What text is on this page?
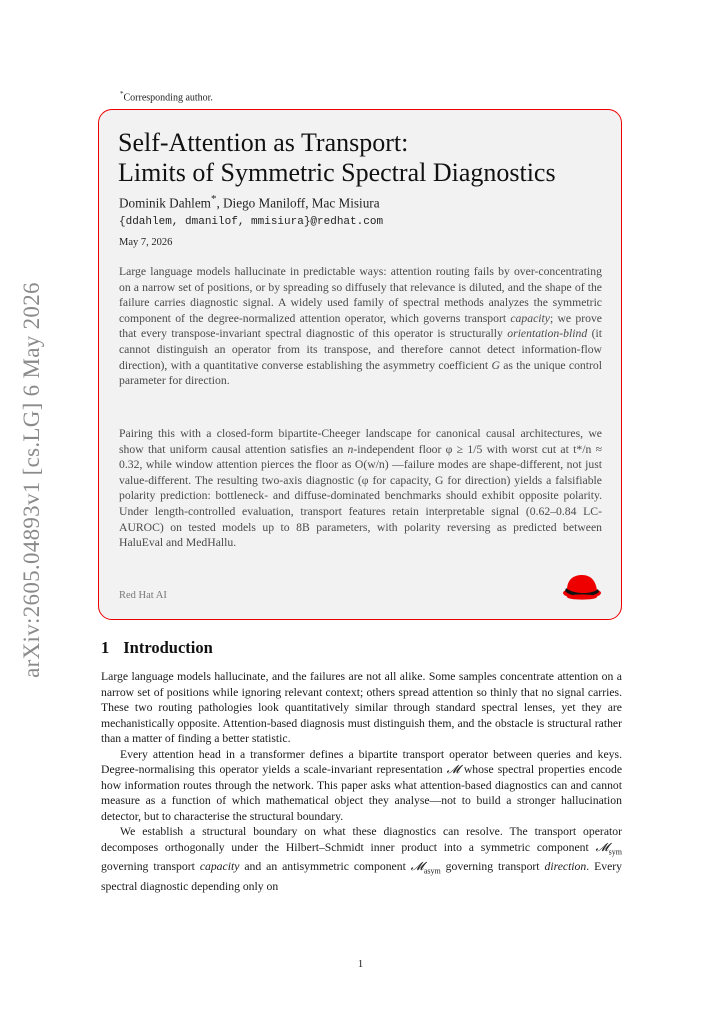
arXiv:2605.04893v1 [cs.LG] 6 May 2026
*Corresponding author.
Self-Attention as Transport:
Limits of Symmetric Spectral Diagnostics
Dominik Dahlem*, Diego Maniloff, Mac Misiura
{ddahlem, dmanilof, mmisiura}@redhat.com
May 7, 2026

Large language models hallucinate in predictable ways: attention routing fails by over-concentrating on a narrow set of positions, or by spreading so diffusely that relevance is diluted, and the shape of the failure carries diagnostic signal. A widely used family of spectral methods analyzes the symmetric component of the degree-normalized attention operator, which governs transport capacity; we prove that every transpose-invariant spectral diagnostic of this operator is structurally orientation-blind (it cannot distinguish an operator from its transpose, and therefore cannot detect information-flow direction), with a quantitative converse establishing the asymmetry coefficient G as the unique control parameter for direction.

Pairing this with a closed-form bipartite-Cheeger landscape for canonical causal architectures, we show that uniform causal attention satisfies an n-independent floor φ ≥ 1/5 with worst cut at t*/n ≈ 0.32, while window attention pierces the floor as O(w/n) —failure modes are shape-different, not just value-different. The resulting two-axis diagnostic (φ for capacity, G for direction) yields a falsifiable polarity prediction: bottleneck- and diffuse-dominated benchmarks should exhibit opposite polarity. Under length-controlled evaluation, transport features retain interpretable signal (0.62–0.84 LC-AUROC) on tested models up to 8B parameters, with polarity reversing as predicted between HaluEval and MedHallu.

Red Hat AI
1 Introduction

Large language models hallucinate, and the failures are not all alike. Some samples concentrate attention on a narrow set of positions while ignoring relevant context; others spread attention so thinly that no signal carries. These two routing pathologies look quantitatively similar through standard spectral lenses, yet they are mechanistically opposite. Attention-based diagnosis must distinguish them, and the obstacle is structural rather than a matter of finding a better statistic.

Every attention head in a transformer defines a bipartite transport operator between queries and keys. Degree-normalising this operator yields a scale-invariant representation 𝓜 whose spectral properties encode how information routes through the network. This paper asks what attention-based diagnostics can and cannot measure as a function of which mathematical object they analyse—not to build a stronger hallucination detector, but to characterise the structural boundary.

We establish a structural boundary on what these diagnostics can resolve. The transport operator decomposes orthogonally under the Hilbert–Schmidt inner product into a symmetric component 𝓜$_{sym}$ governing transport capacity and an antisymmetric component 𝓜$_{asym}$ governing transport direction. Every spectral diagnostic depending only on

1
